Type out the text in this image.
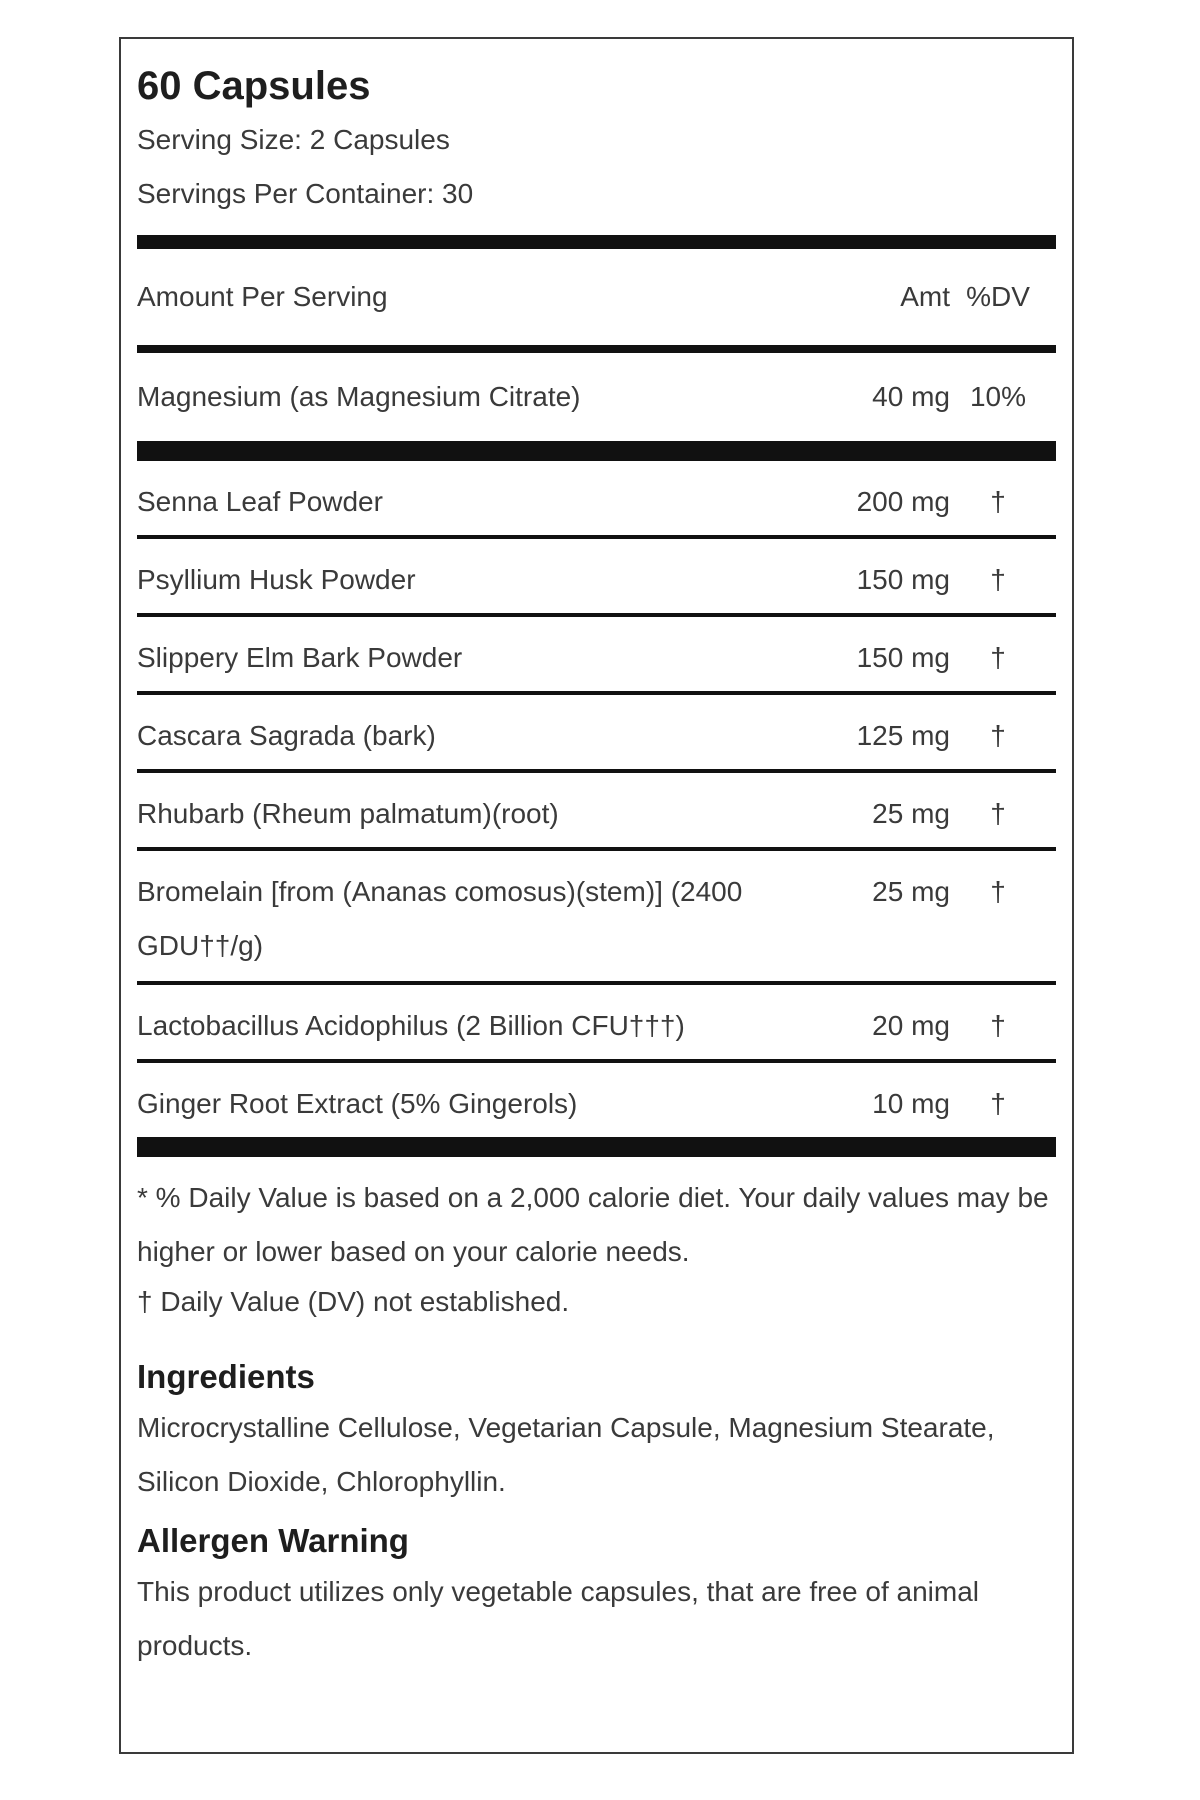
60 Capsules
Serving Size: 2 Capsules
Servings Per Container: 30
Amount Per Serving	Amt %DV
Magnesium (as Magnesium Citrate)	40 mg 10%
Senna Leaf Powder	200 mg	†
Psyllium Husk Powder	150 mg	†
Slippery Elm Bark Powder	150 mg	†
Cascara Sagrada (bark)	125 mg	†
Rhubarb (Rheum palmatum)(root)	25 mg	†
Bromelain [from (Ananas comosus)(stem)] (2400 GDU††/g)
25 mg	†
Lactobacillus Acidophilus (2 Billion CFU†††)	20 mg	†
Ginger Root Extract (5% Gingerols)	10 mg	†
* % Daily Value is based on a 2,000 calorie diet. Your daily values may be higher or lower based on your calorie needs.
† Daily Value (DV) not established.
Ingredients
Microcrystalline Cellulose, Vegetarian Capsule, Magnesium Stearate, Silicon Dioxide, Chlorophyllin.
Allergen Warning
This product utilizes only vegetable capsules, that are free of animal products.
